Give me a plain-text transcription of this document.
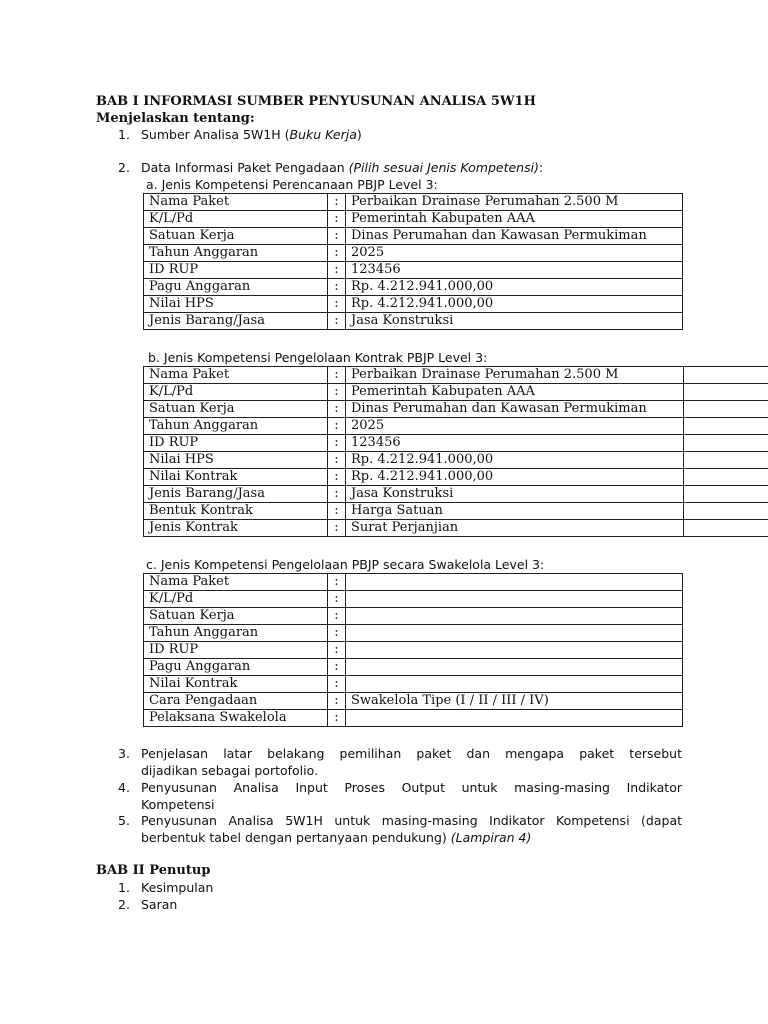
BAB I INFORMASI SUMBER PENYUSUNAN ANALISA 5W1H
Menjelaskan tentang:
1. Sumber Analisa 5W1H (Buku Kerja)
2. Data Informasi Paket Pengadaan (Pilih sesuai Jenis Kompetensi):
a. Jenis Kompetensi Perencanaan PBJP Level 3:
Nama Paket	:	Perbaikan Drainase Perumahan 2.500 M
K/L/Pd	:	Pemerintah Kabupaten AAA
Satuan Kerja	:	Dinas Perumahan dan Kawasan Permukiman
Tahun Anggaran	:	2025
ID RUP	:	123456
Pagu Anggaran	:	Rp. 4.212.941.000,00
Nilai HPS	:	Rp. 4.212.941.000,00
Jenis Barang/Jasa	:	Jasa Konstruksi
b. Jenis Kompetensi Pengelolaan Kontrak PBJP Level 3:
Nama Paket	:	Perbaikan Drainase Perumahan 2.500 M	
K/L/Pd	:	Pemerintah Kabupaten AAA	
Satuan Kerja	:	Dinas Perumahan dan Kawasan Permukiman	
Tahun Anggaran	:	2025	
ID RUP	:	123456	
Nilai HPS	:	Rp. 4.212.941.000,00	
Nilai Kontrak	:	Rp. 4.212.941.000,00	
Jenis Barang/Jasa	:	Jasa Konstruksi	
Bentuk Kontrak	:	Harga Satuan	
Jenis Kontrak	:	Surat Perjanjian	
c. Jenis Kompetensi Pengelolaan PBJP secara Swakelola Level 3:
Nama Paket	:	
K/L/Pd	:	
Satuan Kerja	:	
Tahun Anggaran	:	
ID RUP	:	
Pagu Anggaran	:	
Nilai Kontrak	:	
Cara Pengadaan	:	Swakelola Tipe (I / II / III / IV)
Pelaksana Swakelola	:	
3. Penjelasan latar belakang pemilihan paket dan mengapa paket tersebut
dijadikan sebagai portofolio.
4. Penyusunan Analisa Input Proses Output untuk masing-masing Indikator
Kompetensi
5. Penyusunan Analisa 5W1H untuk masing-masing Indikator Kompetensi (dapat
berbentuk tabel dengan pertanyaan pendukung) (Lampiran 4)
BAB II Penutup
1. Kesimpulan
2. Saran
